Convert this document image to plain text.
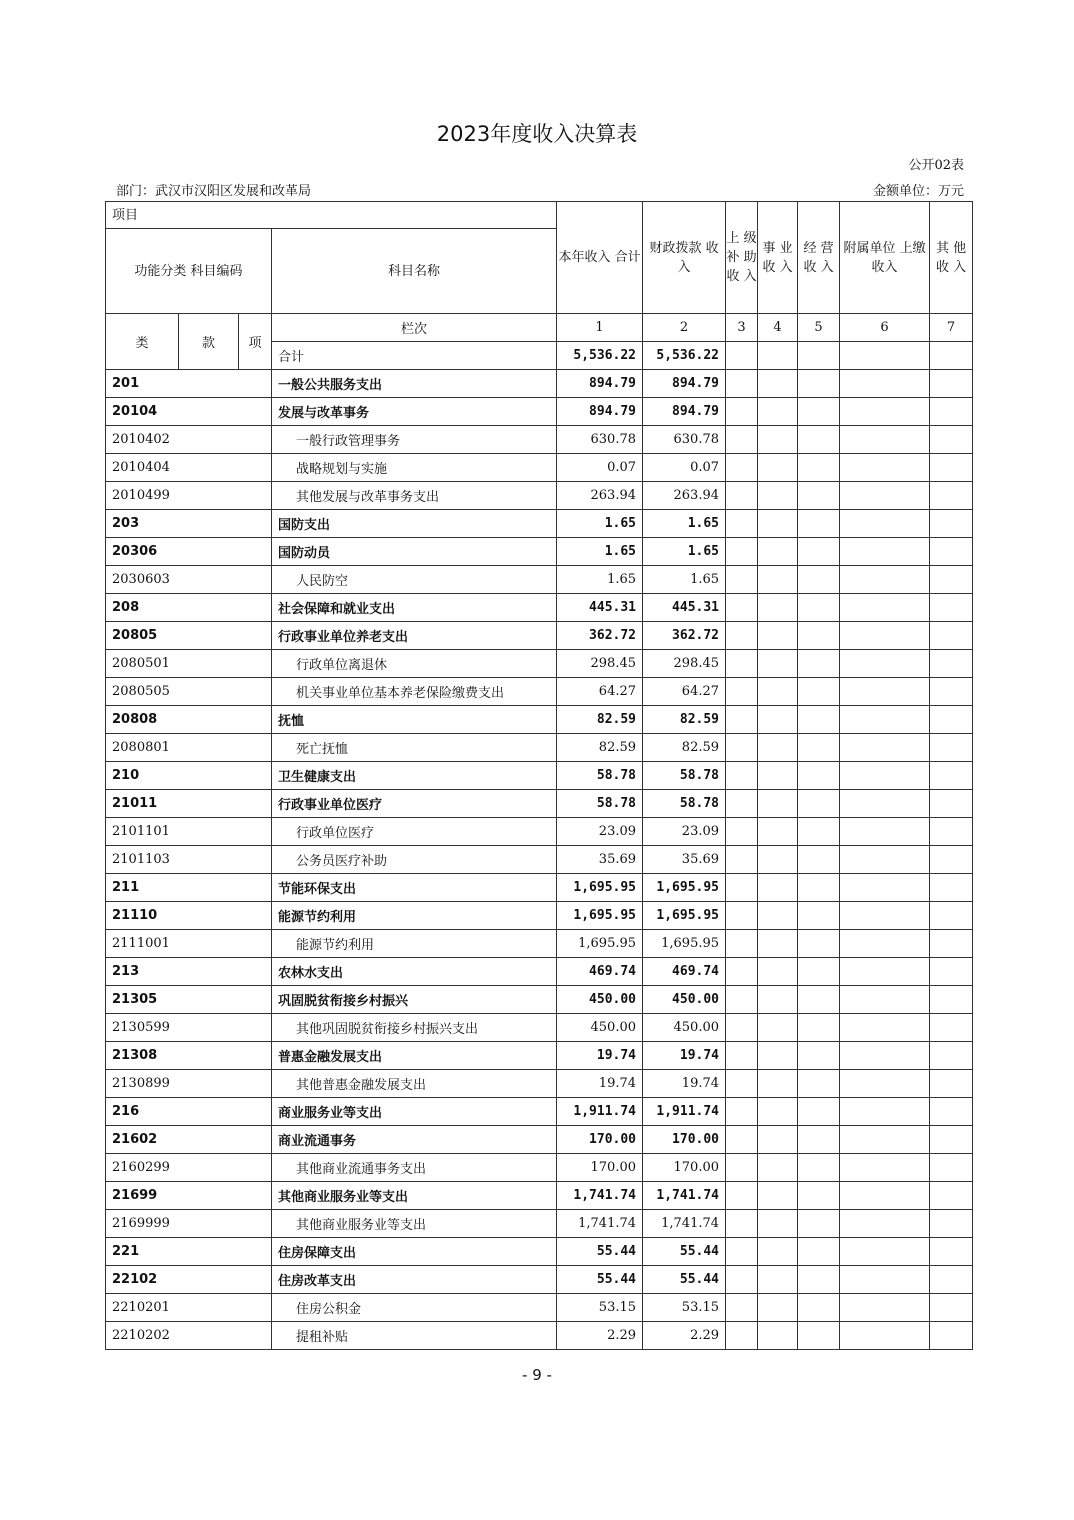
2023年度收入决算表
公开02表
部门：武汉市汉阳区发展和改革局	金额单位：万元
项目				本年收入 合计	财政拨款 收入	上 级 补 助 收 入	事 业 收 入	经 营 收 入	附属单位 上缴收入	其 他 收 入
功能分类 科目编码			科目名称							
类	款	项	栏次	1	2	3	4	5	6	7
			合计	5,536.22	5,536.22					
201			一般公共服务支出	894.79	894.79					
20104			发展与改革事务	894.79	894.79					
2010402			一般行政管理事务	630.78	630.78					
2010404			战略规划与实施	0.07	0.07					
2010499			其他发展与改革事务支出	263.94	263.94					
203			国防支出	1.65	1.65					
20306			国防动员	1.65	1.65					
2030603			人民防空	1.65	1.65					
208			社会保障和就业支出	445.31	445.31					
20805			行政事业单位养老支出	362.72	362.72					
2080501			行政单位离退休	298.45	298.45					
2080505			机关事业单位基本养老保险缴费支出	64.27	64.27					
20808			抚恤	82.59	82.59					
2080801			死亡抚恤	82.59	82.59					
210			卫生健康支出	58.78	58.78					
21011			行政事业单位医疗	58.78	58.78					
2101101			行政单位医疗	23.09	23.09					
2101103			公务员医疗补助	35.69	35.69					
211			节能环保支出	1,695.95	1,695.95					
21110			能源节约利用	1,695.95	1,695.95					
2111001			能源节约利用	1,695.95	1,695.95					
213			农林水支出	469.74	469.74					
21305			巩固脱贫衔接乡村振兴	450.00	450.00					
2130599			其他巩固脱贫衔接乡村振兴支出	450.00	450.00					
21308			普惠金融发展支出	19.74	19.74					
2130899			其他普惠金融发展支出	19.74	19.74					
216			商业服务业等支出	1,911.74	1,911.74					
21602			商业流通事务	170.00	170.00					
2160299			其他商业流通事务支出	170.00	170.00					
21699			其他商业服务业等支出	1,741.74	1,741.74					
2169999			其他商业服务业等支出	1,741.74	1,741.74					
221			住房保障支出	55.44	55.44					
22102			住房改革支出	55.44	55.44					
2210201			住房公积金	53.15	53.15					
2210202			提租补贴	2.29	2.29					
- 9 -
